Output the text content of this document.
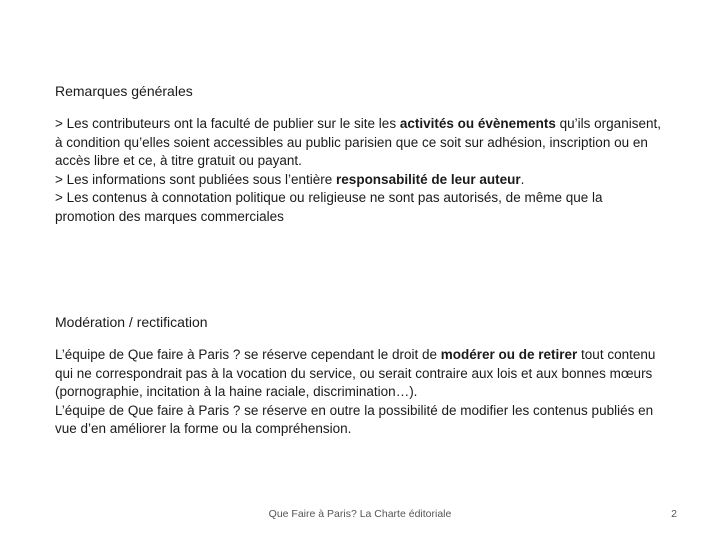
Remarques générales

> Les contributeurs ont la faculté de publier sur le site les activités ou évènements qu’ils organisent, à condition qu’elles soient accessibles au public parisien que ce soit sur adhésion, inscription ou en accès libre et ce, à titre gratuit ou payant.
> Les informations sont publiées sous l’entière responsabilité de leur auteur.
> Les contenus à connotation politique ou religieuse ne sont pas autorisés, de même que la promotion des marques commerciales

Modération / rectification

L’équipe de Que faire à Paris ? se réserve cependant le droit de modérer ou de retirer tout contenu qui ne correspondrait pas à la vocation du service, ou serait contraire aux lois et aux bonnes mœurs (pornographie, incitation à la haine raciale, discrimination…).
L’équipe de Que faire à Paris ? se réserve en outre la possibilité de modifier les contenus publiés en vue d’en améliorer la forme ou la compréhension.

Que Faire à Paris? La Charte éditoriale	2
